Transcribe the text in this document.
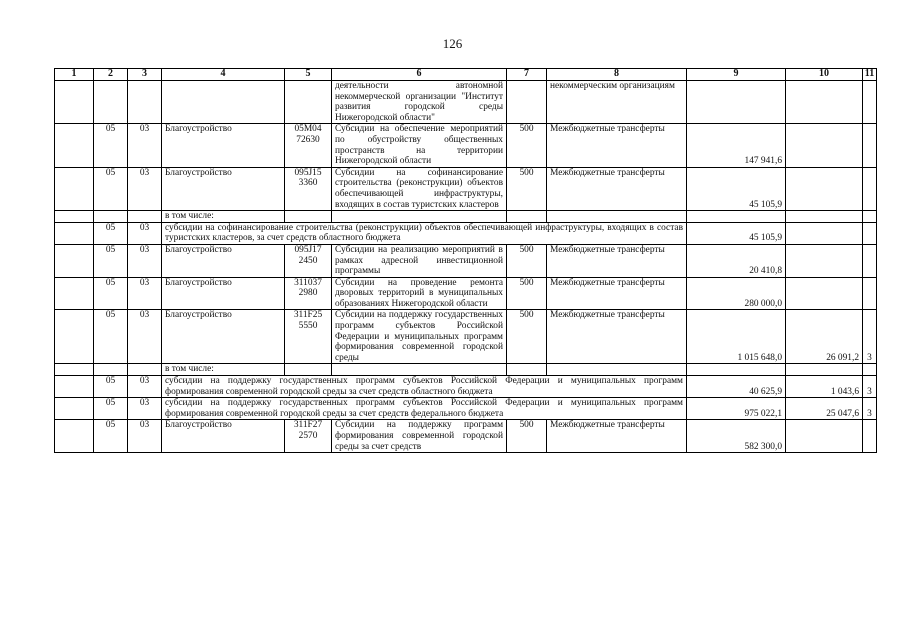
126
1	2	3	4	5	6	7	8	9	10	11
					деятельности автономной некоммерческой организации "Институт развития городской среды Нижегородской области"		некоммерческим организациям			
	05	03	Благоустройство	05М04 72630	Субсидии на обеспечение мероприятий по обустройству общественных пространств на территории Нижегородской области	500	Межбюджетные трансферты	147 941,6		
	05	03	Благоустройство	095J15 3360	Субсидии на софинансирование строительства (реконструкции) объектов обеспечивающей инфраструктуры, входящих в состав туристских кластеров	500	Межбюджетные трансферты	45 105,9		
			в том числе:							
	05	03	субсидии на софинансирование строительства (реконструкции) объектов обеспечивающей инфраструктуры, входящих в состав туристских кластеров, за счет средств областного бюджета					45 105,9		
	05	03	Благоустройство	095J17 2450	Субсидии на реализацию мероприятий в рамках адресной инвестиционной программы	500	Межбюджетные трансферты	20 410,8		
	05	03	Благоустройство	311037 2980	Субсидии на проведение ремонта дворовых территорий в муниципальных образованиях Нижегородской области	500	Межбюджетные трансферты	280 000,0		
	05	03	Благоустройство	311F25 5550	Субсидии на поддержку государственных программ субъектов Российской Федерации и муниципальных программ формирования современной городской среды	500	Межбюджетные трансферты	1 015 648,0	26 091,2	3
			в том числе:							
	05	03	субсидии на поддержку государственных программ субъектов Российской Федерации и муниципальных программ формирования современной городской среды за счет средств областного бюджета					40 625,9	1 043,6	3
	05	03	субсидии на поддержку государственных программ субъектов Российской Федерации и муниципальных программ формирования современной городской среды за счет средств федерального бюджета					975 022,1	25 047,6	3
	05	03	Благоустройство	311F27 2570	Субсидии на поддержку программ формирования современной городской среды за счет средств	500	Межбюджетные трансферты	582 300,0		
